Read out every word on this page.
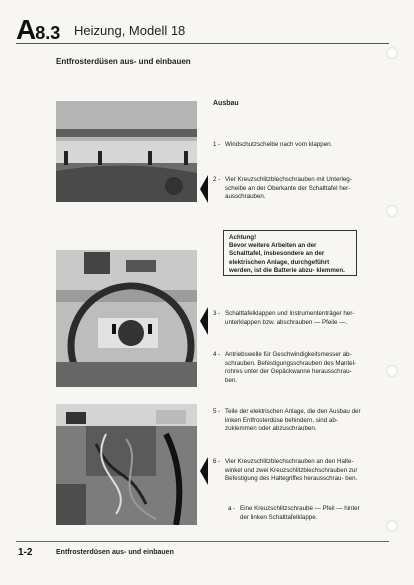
A8.3 Heizung, Modell 18
Entfrosterdüsen aus- und einbauen
Ausbau
1 - Windschutzscheibe nach vorn klappen.
2 - Vier Kreuzschlitzblechschrauben mit Unterleg- scheibe an der Oberkante der Schalttafel her- ausschrauben.
Achtung!
Bevor weitere Arbeiten an der Schalttafel, insbesondere an der elektrischen Anlage, durchgeführt werden, ist die Batterie abzu- klemmen.
3 - Schalttafelklappen und Instrumententräger her- unterklappen bzw. abschrauben — Pfeile —.
4 - Antriebswelle für Geschwindigkeitsmesser ab- schrauben. Befestigungsschrauben des Mantel- rohres unter der Gepäckwanne herausschrau- ben.
5 - Teile der elektrischen Anlage, die den Ausbau der linken Entfrosterdüse behindern, sind ab- zuklemmen oder abzuschrauben.
6 - Vier Kreuzschlitzblechschrauben an den Halte- winkel und zwei Kreuzschlitzblechschrauben zur Befestigung des Haltegriffes herausschrau- ben.
a - Eine Kreuzschlitzschraube — Pfeil — hinter der linken Schalttafelklappe.
1-2	Entfrosterdüsen aus- und einbauen
